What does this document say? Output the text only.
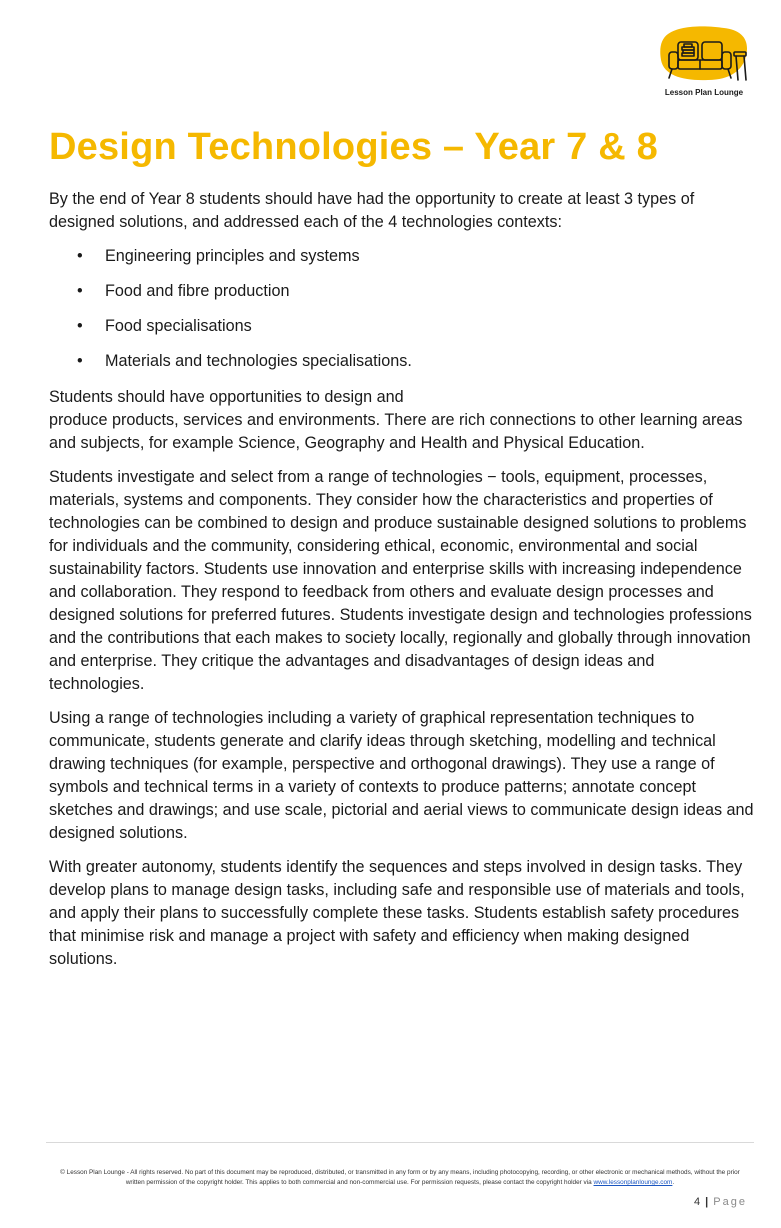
Lesson Plan Lounge
Design Technologies – Year 7 & 8

By the end of Year 8 students should have had the opportunity to create at least 3 types of designed solutions, and addressed each of the 4 technologies contexts:

• Engineering principles and systems
• Food and fibre production
• Food specialisations
• Materials and technologies specialisations.

Students should have opportunities to design and
produce products, services and environments. There are rich connections to other learning areas and subjects, for example Science, Geography and Health and Physical Education.

Students investigate and select from a range of technologies − tools, equipment, processes, materials, systems and components. They consider how the characteristics and properties of technologies can be combined to design and produce sustainable designed solutions to problems for individuals and the community, considering ethical, economic, environmental and social sustainability factors. Students use innovation and enterprise skills with increasing independence and collaboration. They respond to feedback from others and evaluate design processes and designed solutions for preferred futures. Students investigate design and technologies professions and the contributions that each makes to society locally, regionally and globally through innovation and enterprise. They critique the advantages and disadvantages of design ideas and technologies.

Using a range of technologies including a variety of graphical representation techniques to communicate, students generate and clarify ideas through sketching, modelling and technical drawing techniques (for example, perspective and orthogonal drawings). They use a range of symbols and technical terms in a variety of contexts to produce patterns; annotate concept sketches and drawings; and use scale, pictorial and aerial views to communicate design ideas and designed solutions.

With greater autonomy, students identify the sequences and steps involved in design tasks. They develop plans to manage design tasks, including safe and responsible use of materials and tools, and apply their plans to successfully complete these tasks. Students establish safety procedures that minimise risk and manage a project with safety and efficiency when making designed solutions.

© Lesson Plan Lounge - All rights reserved. No part of this document may be reproduced, distributed, or transmitted in any form or by any means, including photocopying, recording, or other electronic or mechanical methods, without the prior written permission of the copyright holder. This applies to both commercial and non-commercial use. For permission requests, please contact the copyright holder via www.lessonplanlounge.com.
4 | Page
